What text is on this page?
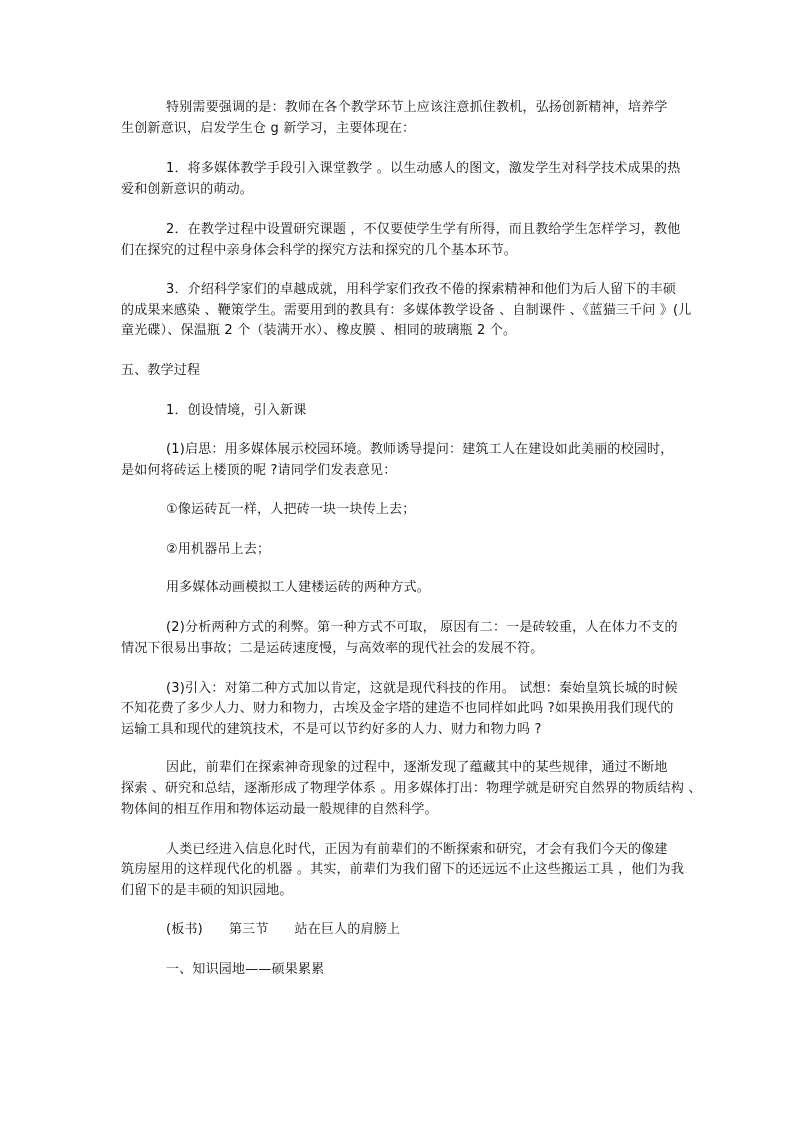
特别需要强调的是：教师在各个教学环节上应该注意抓住教机，弘扬创新精神，培养学
生创新意识，启发学生仓 g 新学习，主要体现在：
1．将多媒体教学手段引入课堂教学 。以生动感人的图文，激发学生对科学技术成果的热
爱和创新意识的萌动。
2．在教学过程中设置研究课题 ，不仅要使学生学有所得，而且教给学生怎样学习，教他
们在探究的过程中亲身体会科学的探究方法和探究的几个基本环节。
3．介绍科学家们的卓越成就，用科学家们孜孜不倦的探索精神和他们为后人留下的丰硕
的成果来感染 、鞭策学生。需要用到的教具有：多媒体教学设备 、自制课件 、《蓝猫三千问 》(儿
童光碟）、保温瓶 2 个（装满开水）、橡皮膜 、相同的玻璃瓶 2 个。
五、教学过程
1．创设情境，引入新课
(1)启思：用多媒体展示校园环境。教师诱导提问：建筑工人在建设如此美丽的校园时，
是如何将砖运上楼顶的呢 ?请同学们发表意见：
①像运砖瓦一样，人把砖一块一块传上去；
②用机器吊上去；
用多媒体动画模拟工人建楼运砖的两种方式。
(2)分析两种方式的利弊。第一种方式不可取， 原因有二：一是砖较重，人在体力不支的
情况下很易出事故；二是运砖速度慢，与高效率的现代社会的发展不符。
(3)引入：对第二种方式加以肯定，这就是现代科技的作用。 试想：秦始皇筑长城的时候
不知花费了多少人力、财力和物力，古埃及金字塔的建造不也同样如此吗 ?如果换用我们现代的
运输工具和现代的建筑技术，不是可以节约好多的人力、财力和物力吗 ?
因此，前辈们在探索神奇现象的过程中，逐渐发现了蕴藏其中的某些规律，通过不断地
探索 、研究和总结，逐渐形成了物理学体系 。用多媒体打出：物理学就是研究自然界的物质结构 、
物体间的相互作用和物体运动最一般规律的自然科学。
人类已经进入信息化时代，正因为有前辈们的不断探索和研究，才会有我们今天的像建
筑房屋用的这样现代化的机器 。其实，前辈们为我们留下的还远远不止这些搬运工具 ，他们为我
们留下的是丰硕的知识园地。
(板书)      第三节      站在巨人的肩膀上
一、知识园地——硕果累累
